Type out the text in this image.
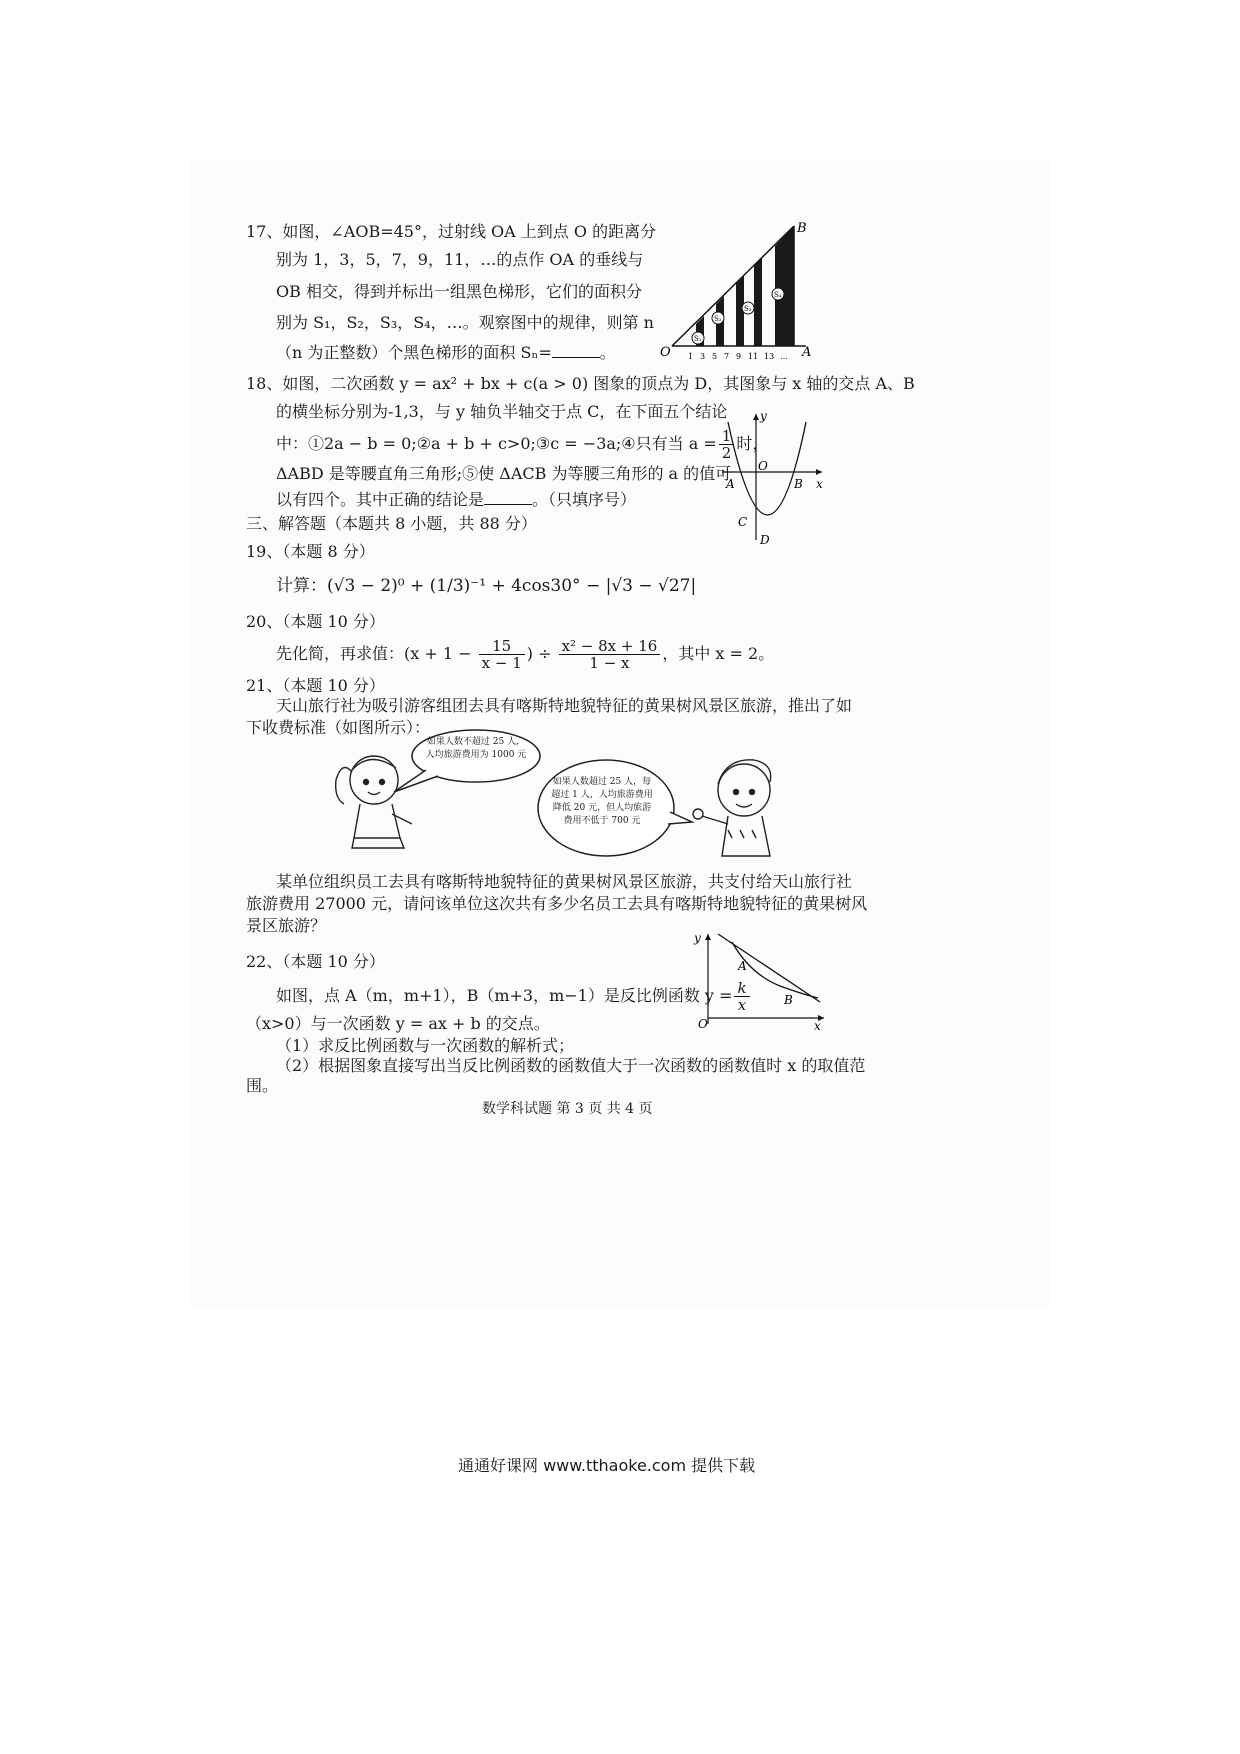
17、如图，∠AOB=45°，过射线 OA 上到点 O 的距离分
别为 1，3，5，7，9，11，…的点作 OA 的垂线与
OB 相交，得到并标出一组黑色梯形，它们的面积分
别为 S₁，S₂，S₃，S₄，…。观察图中的规律，则第 n
（n 为正整数）个黑色梯形的面积 Sₙ=	。
S₁
S₂
S₃
S₄
O	A
B
1 3 5 7 9 11 13 …
18、如图，二次函数 y = ax² + bx + c(a > 0) 图象的顶点为 D，其图象与 x 轴的交点 A、B
的横坐标分别为-1,3，与 y 轴负半轴交于点 C，在下面五个结论
中：①2a − b = 0;②a + b + c>0;③c = −3a;④只有当 $a = \frac{1}{2}$ 时，
ΔABD 是等腰直角三角形;⑤使 ΔACB 为等腰三角形的 a 的值可
以有四个。其中正确的结论是	。（只填序号）
y
x
O
A	B
C
D
三、解答题（本题共 8 小题，共 88 分）
19、（本题 8 分）
计算：(√3 − 2)⁰ + (1/3)⁻¹ + 4cos30° − |√3 − √27|
20、（本题 10 分）
先化简，再求值：($x + 1 - \frac{15}{x - 1}$ ) ÷ $\frac{\text{x² − 8x + 16}}{1 - x}$ ，其中 x = 2。
21、（本题 10 分）
天山旅行社为吸引游客组团去具有喀斯特地貌特征的黄果树风景区旅游，推出了如
下收费标准（如图所示）：
如果人数不超过 25 人，人均旅游费用为 1000 元
如果人数超过 25 人，每超过 1 人，人均旅游费用降低 20 元，但人均旅游费用不低于 700 元
某单位组织员工去具有喀斯特地貌特征的黄果树风景区旅游，共支付给天山旅行社
旅游费用 27000 元，请问该单位这次共有多少名员工去具有喀斯特地貌特征的黄果树风
景区旅游？
22、（本题 10 分）
如图，点 A（m，m+1），B（m+3，m−1）是反比例函数 $y = \frac{k}{x}$
（x>0）与一次函数 y = ax + b 的交点。
（1）求反比例函数与一次函数的解析式；
（2）根据图象直接写出当反比例函数的函数值大于一次函数的函数值时 x 的取值范
围。
y
x
O
A
B
数学科试题 第 3 页 共 4 页
通通好课网 www.tthaoke.com 提供下载
